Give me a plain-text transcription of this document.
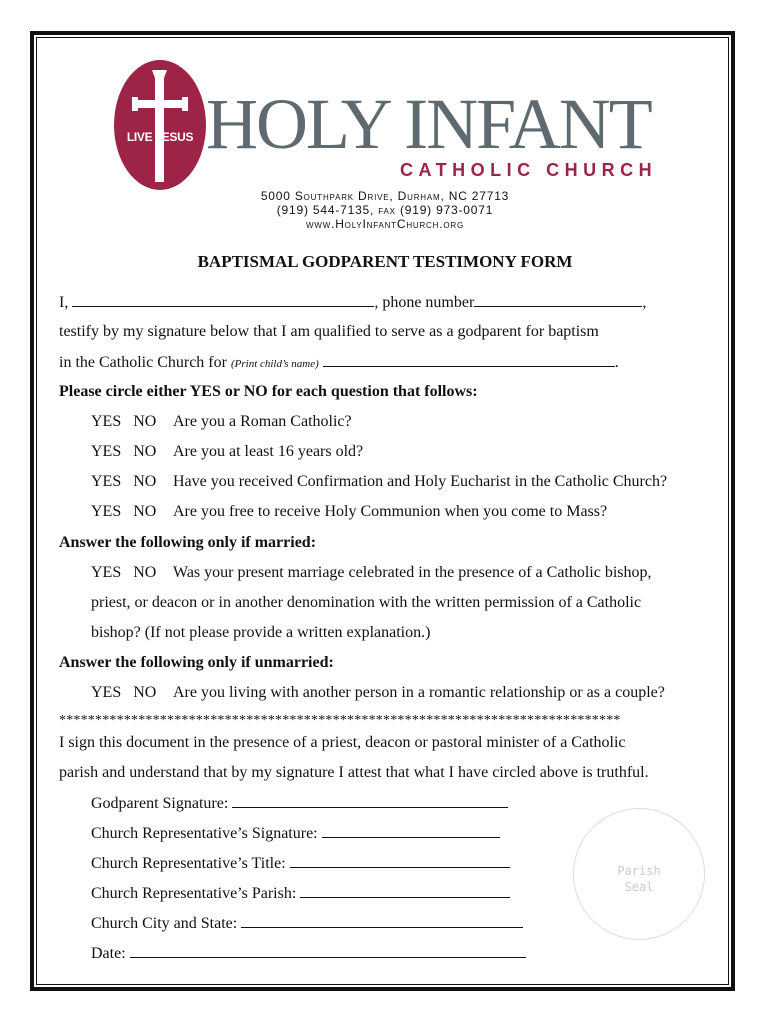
LIVE JESUS HOLY INFANT
CATHOLIC CHURCH
5000 Southpark Drive, Durham, NC 27713
(919) 544-7135, fax (919) 973-0071
www.HolyInfantChurch.org
BAPTISMAL GODPARENT TESTIMONY FORM
I,	, phone number	,
testify by my signature below that I am qualified to serve as a godparent for baptism
in the Catholic Church for (Print child’s name)	.
Please circle either YES or NO for each question that follows:
YES   NO Are you a Roman Catholic?
YES   NO Are you at least 16 years old?
YES   NO Have you received Confirmation and Holy Eucharist in the Catholic Church?
YES   NO Are you free to receive Holy Communion when you come to Mass?
Answer the following only if married:
YES   NO Was your present marriage celebrated in the presence of a Catholic bishop,
priest, or deacon or in another denomination with the written permission of a Catholic
bishop? (If not please provide a written explanation.)
Answer the following only if unmarried:
YES   NO Are you living with another person in a romantic relationship or as a couple?
******************************************************************************
I sign this document in the presence of a priest, deacon or pastoral minister of a Catholic
parish and understand that by my signature I attest that what I have circled above is truthful.
Godparent Signature:
Church Representative’s Signature:
Church Representative’s Title:
Church Representative’s Parish:
Church City and State:
Date:
Parish
Seal
